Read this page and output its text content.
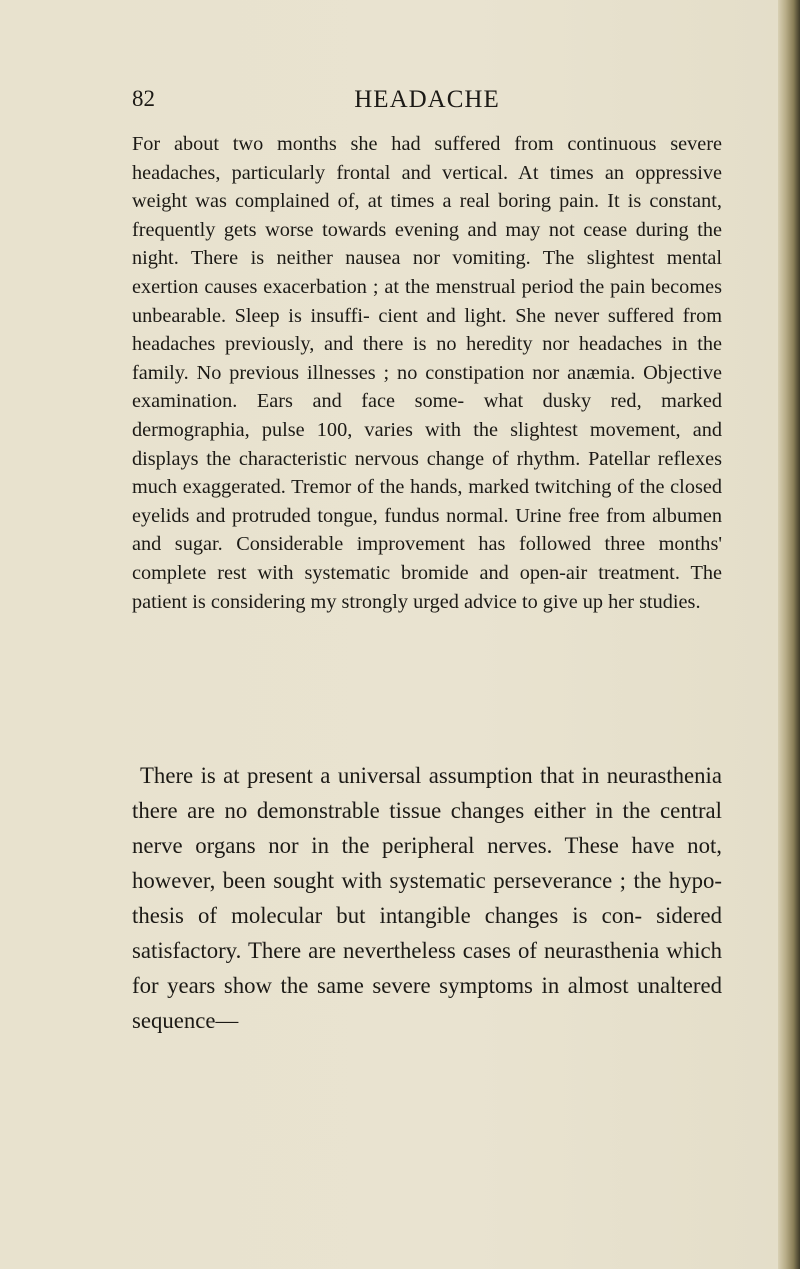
82	HEADACHE

For about two months she had suffered from continuous severe headaches, particularly frontal and vertical. At times an oppressive weight was complained of, at times a real boring pain. It is constant, frequently gets worse towards evening and may not cease during the night. There is neither nausea nor vomiting. The slightest mental exertion causes exacerbation ; at the menstrual period the pain becomes unbearable. Sleep is insuffi- cient and light. She never suffered from headaches previously, and there is no heredity nor headaches in the family. No previous illnesses ; no constipation nor anæmia. Objective examination. Ears and face some- what dusky red, marked dermographia, pulse 100, varies with the slightest movement, and displays the characteristic nervous change of rhythm. Patellar reflexes much exaggerated. Tremor of the hands, marked twitching of the closed eyelids and protruded tongue, fundus normal. Urine free from albumen and sugar. Considerable improvement has followed three months' complete rest with systematic bromide and open-air treatment. The patient is considering my strongly urged advice to give up her studies.

There is at present a universal assumption that in neurasthenia there are no demonstrable tissue changes either in the central nerve organs nor in the peripheral nerves. These have not, however, been sought with systematic perseverance ; the hypo- thesis of molecular but intangible changes is con- sidered satisfactory. There are nevertheless cases of neurasthenia which for years show the same severe symptoms in almost unaltered sequence—
